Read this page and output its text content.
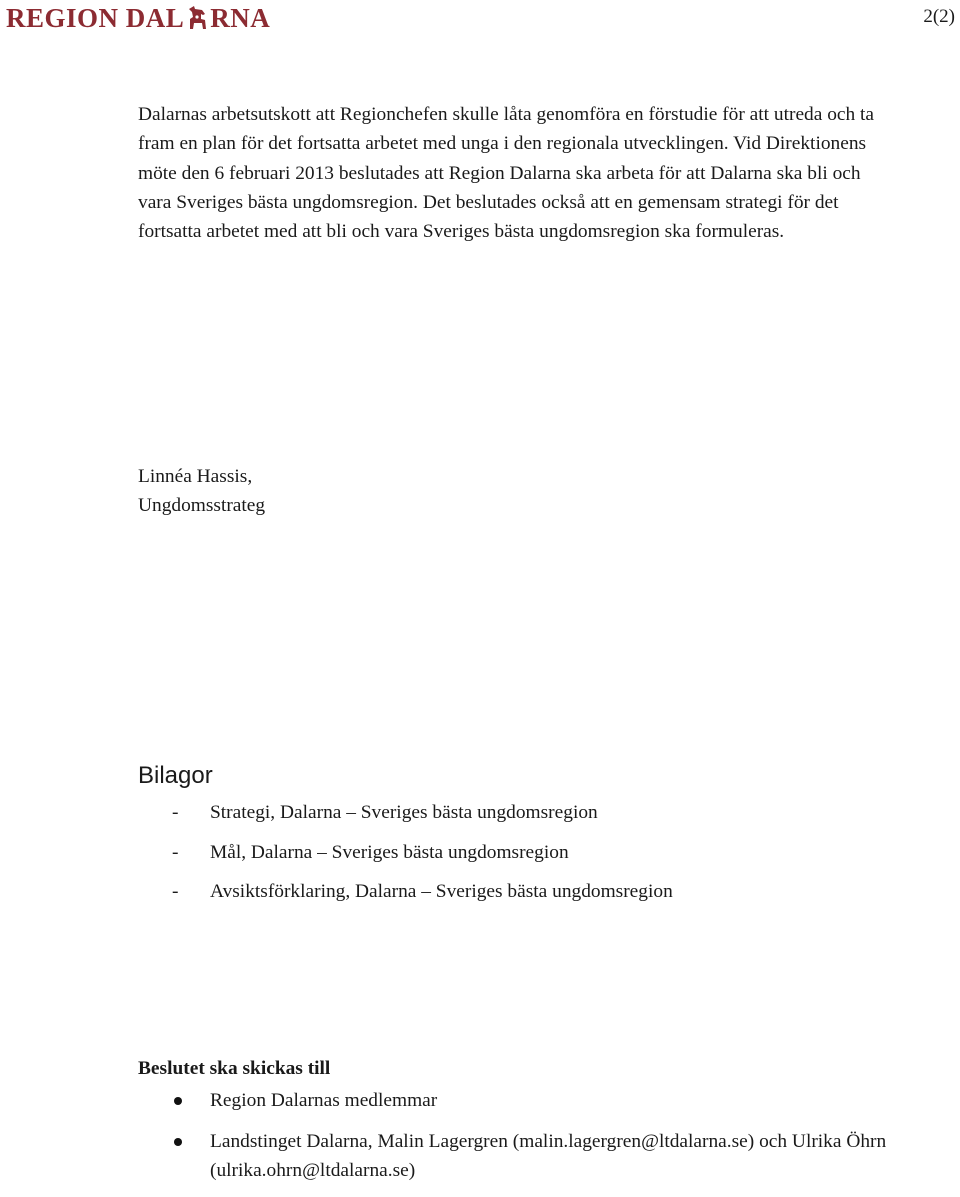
REGION DAL RNA	2(2)

Dalarnas arbetsutskott att Regionchefen skulle låta genomföra en förstudie för att utreda och ta fram en plan för det fortsatta arbetet med unga i den regionala utvecklingen. Vid Direktionens möte den 6 februari 2013 beslutades att Region Dalarna ska arbeta för att Dalarna ska bli och vara Sveriges bästa ungdomsregion. Det beslutades också att en gemensam strategi för det fortsatta arbetet med att bli och vara Sveriges bästa ungdomsregion ska formuleras.

Linnéa Hassis,
Ungdomsstrateg
Bilagor
-	Strategi, Dalarna – Sveriges bästa ungdomsregion
-	Mål, Dalarna – Sveriges bästa ungdomsregion
-	Avsiktsförklaring, Dalarna – Sveriges bästa ungdomsregion
Beslutet ska skickas till
Region Dalarnas medlemmar
Landstinget Dalarna, Malin Lagergren (malin.lagergren@ltdalarna.se) och Ulrika Öhrn (ulrika.ohrn@ltdalarna.se)
